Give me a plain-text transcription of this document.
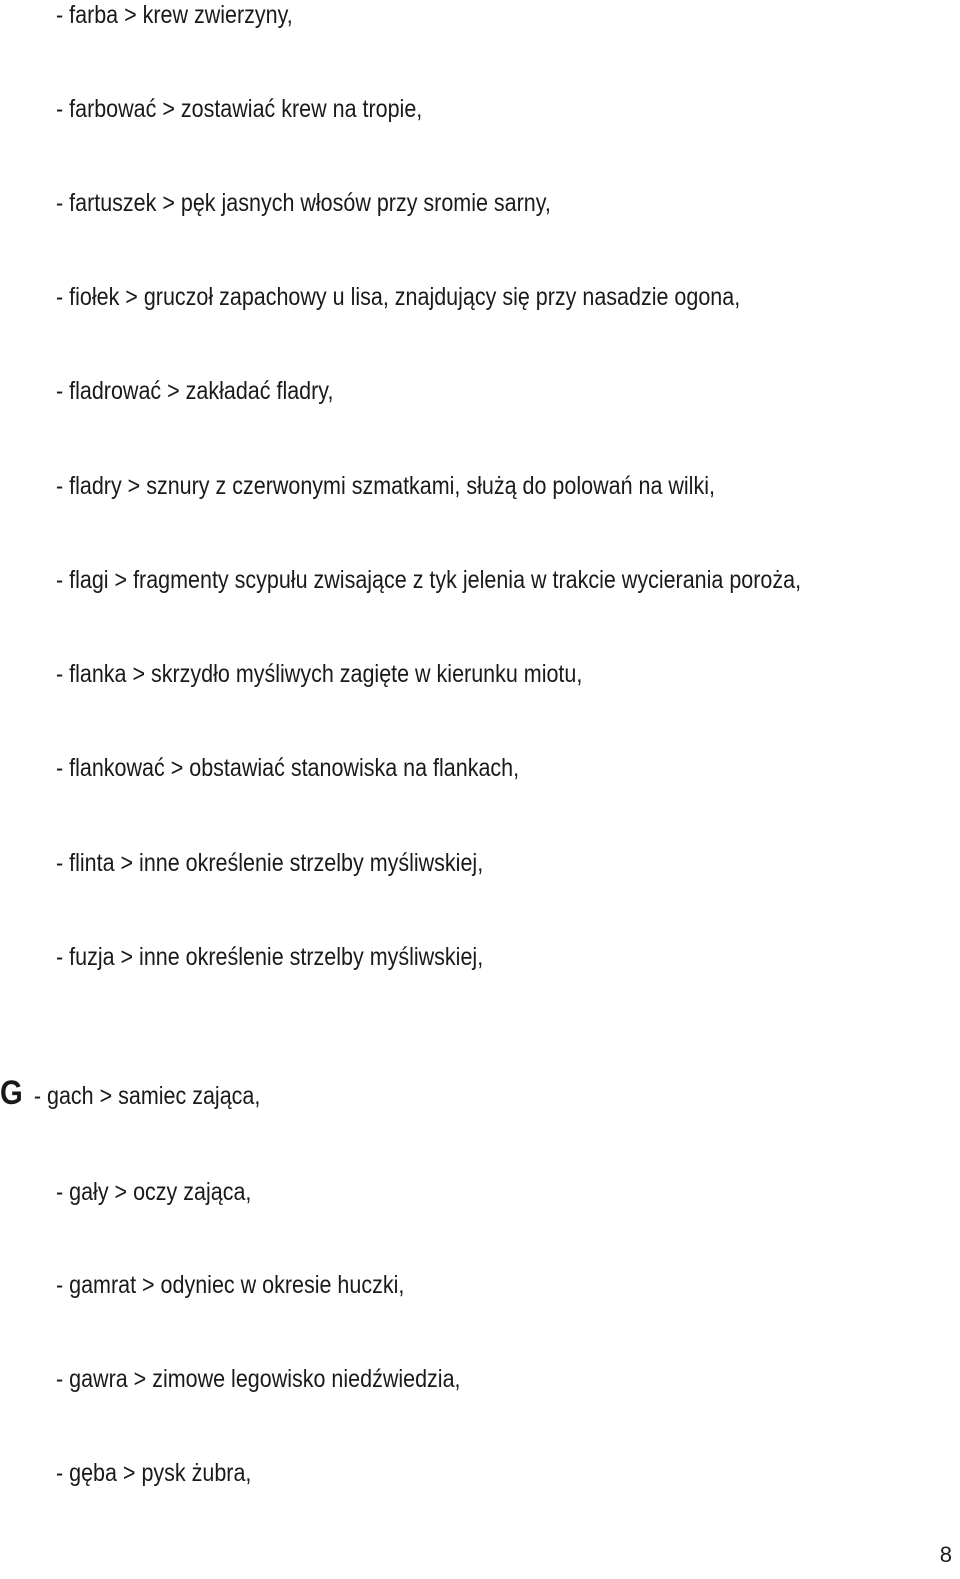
- farba > krew zwierzyny,
- farbować > zostawiać krew na tropie,
- fartuszek > pęk jasnych włosów przy sromie sarny,
- fiołek > gruczoł zapachowy u lisa, znajdujący się przy nasadzie ogona,
- fladrować > zakładać fladry,
- fladry > sznury z czerwonymi szmatkami, służą do polowań na wilki,
- flagi > fragmenty scypułu zwisające z tyk jelenia w trakcie wycierania poroża,
- flanka > skrzydło myśliwych zagięte w kierunku miotu,
- flankować > obstawiać stanowiska na flankach,
- flinta > inne określenie strzelby myśliwskiej,
- fuzja > inne określenie strzelby myśliwskiej,
G - gach > samiec zająca,
- gały > oczy zająca,
- gamrat > odyniec w okresie huczki,
- gawra > zimowe legowisko niedźwiedzia,
- gęba > pysk żubra,
8
